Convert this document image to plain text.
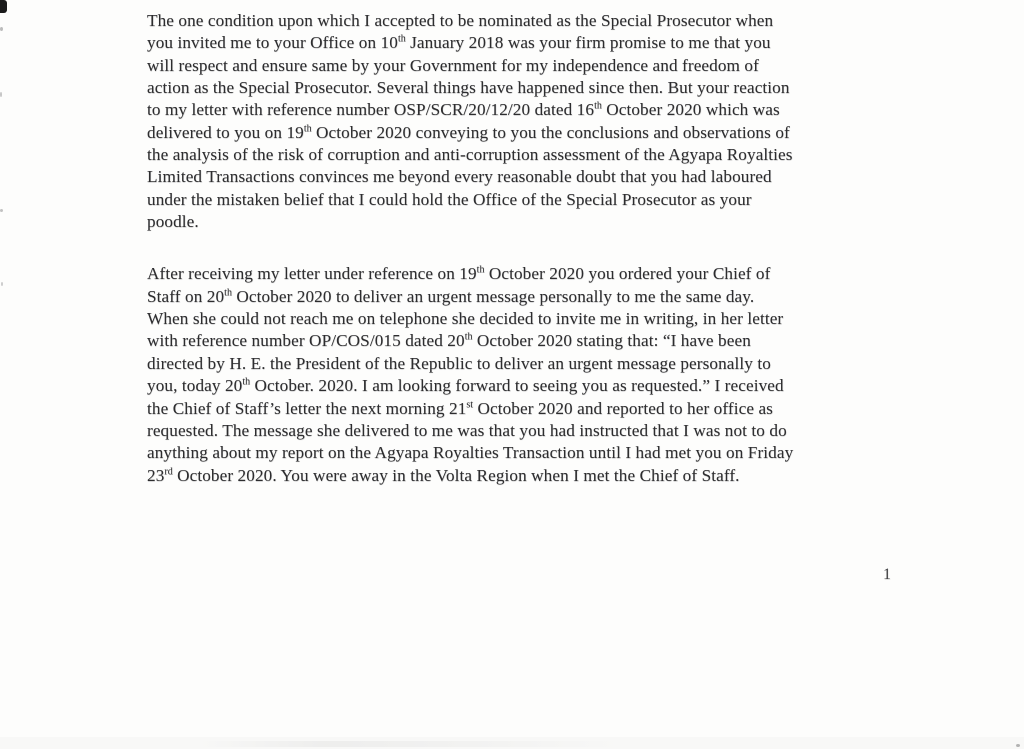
The one condition upon which I accepted to be nominated as the Special Prosecutor when
you invited me to your Office on 10th January 2018 was your firm promise to me that you
will respect and ensure same by your Government for my independence and freedom of
action as the Special Prosecutor. Several things have happened since then. But your reaction
to my letter with reference number OSP/SCR/20/12/20 dated 16th October 2020 which was
delivered to you on 19th October 2020 conveying to you the conclusions and observations of
the analysis of the risk of corruption and anti-corruption assessment of the Agyapa Royalties
Limited Transactions convinces me beyond every reasonable doubt that you had laboured
under the mistaken belief that I could hold the Office of the Special Prosecutor as your
poodle.
After receiving my letter under reference on 19th October 2020 you ordered your Chief of
Staff on 20th October 2020 to deliver an urgent message personally to me the same day.
When she could not reach me on telephone she decided to invite me in writing, in her letter
with reference number OP/COS/015 dated 20th October 2020 stating that: “I have been
directed by H. E. the President of the Republic to deliver an urgent message personally to
you, today 20th October. 2020. I am looking forward to seeing you as requested.” I received
the Chief of Staff’s letter the next morning 21st October 2020 and reported to her office as
requested. The message she delivered to me was that you had instructed that I was not to do
anything about my report on the Agyapa Royalties Transaction until I had met you on Friday
23rd October 2020. You were away in the Volta Region when I met the Chief of Staff.
1
